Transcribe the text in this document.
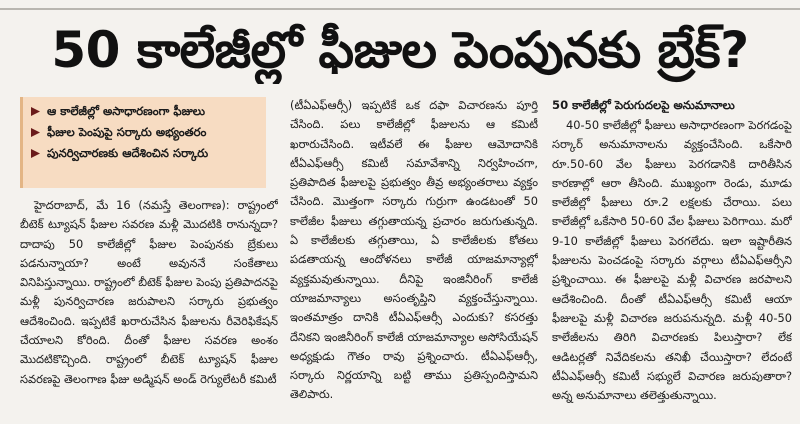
50 కాలేజీల్లో ఫీజుల పెంపునకు బ్రేక్?
ఆ కాలేజీల్లో అసాధారణంగా ఫీజులు
ఫీజుల పెంపుపై సర్కారు అభ్యంతరం
పునర్విచారణకు ఆదేశించిన సర్కారు

హైదరాబాద్, మే 16 (నమస్తే తెలంగాణ): రాష్ట్రంలో బీటెక్ ట్యూషన్ ఫీజుల సవరణ మళ్లీ మొదటికి రానున్నదా? దాదాపు 50 కాలేజీల్లో ఫీజుల పెంపునకు బ్రేకులు పడనున్నాయా? అంటే అవుననే సంకేతాలు వినిపిస్తున్నాయి. రాష్ట్రంలో బీటెక్ ఫీజుల పెంపు ప్రతిపాదనపై మళ్లీ పునర్విచారణ జరుపాలని సర్కారు ప్రభుత్వం ఆదేశించింది. ఇప్పటికే ఖరారుచేసిన ఫీజులను రీవెరిఫికేషన్ చేయాలని కోరింది. దీంతో ఫీజుల సవరణ అంశం మొదటికొచ్చింది. రాష్ట్రంలో బీటెక్ ట్యూషన్ ఫీజుల సవరణపై తెలంగాణ ఫీజు అడ్మిషన్ అండ్ రెగ్యులేటరీ కమిటీ

(టీఏఎఫ్ఆర్సీ) ఇప్పటికే ఒక దఫా విచారణను పూర్తి చేసింది. పలు కాలేజీల్లో ఫీజులను ఆ కమిటీ ఖరారుచేసింది. ఇటీవలే ఈ ఫీజుల ఆమోదానికి టీఏఎఫ్ఆర్సీ కమిటీ సమావేశాన్ని నిర్వహించగా, ప్రతిపాదిత ఫీజులపై ప్రభుత్వం తీవ్ర అభ్యంతరాలు వ్యక్తం చేసింది. మొత్తంగా సర్కారు గుర్రుగా ఉండటంతో 50 కాలేజీల ఫీజులు తగ్గుతాయన్న ప్రచారం జరుగుతున్నది. ఏ కాలేజీలకు తగ్గుతాయి, ఏ కాలేజీలకు కోతలు పడతాయన్న ఆందోళనలు కాలేజీ యాజమాన్యాల్లో వ్యక్తమవుతున్నాయి. దీనిపై ఇంజినీరింగ్ కాలేజీ యాజమాన్యాలు అసంతృప్తిని వ్యక్తంచేస్తున్నాయి. ఇంతమాత్రం దానికి టీఏఎఫ్ఆర్సీ ఎందుకు? కసరత్తు దేనికని ఇంజినీరింగ్ కాలేజీ యాజమాన్యాల అసోసియేషన్ అధ్యక్షుడు గౌతం రావు ప్రశ్నించారు. టీఏఎఫ్ఆర్సీ, సర్కారు నిర్ణయాన్ని బట్టి తాము ప్రతిస్పందిస్తామని తెలిపారు.

50 కాలేజీల్లో పెరుగుదలపై అనుమానాలు

40-50 కాలేజీల్లో ఫీజులు అసాధారణంగా పెరగడంపై సర్కార్ అనుమానాలను వ్యక్తంచేసింది. ఒకేసారి రూ.50-60 వేల ఫీజులు పెరగడానికి దారితీసిన కారణాల్లో ఆరా తీసింది. ముఖ్యంగా రెండు, మూడు కాలేజీల్లో ఫీజులు రూ.2 లక్షలకు చేరాయి. పలు కాలేజీల్లో ఒకేసారి 50-60 వేల ఫీజులు పెరిగాయి. మరో 9-10 కాలేజీల్లో ఫీజులు పెరగలేదు. ఇలా ఇష్టారీతిన ఫీజులను పెంచడంపై సర్కారు వర్గాలు టీఏఎఫ్ఆర్సీని ప్రశ్నించాయి. ఈ ఫీజులపై మళ్లీ విచారణ జరపాలని ఆదేశించింది. దీంతో టీఏఎఫ్ఆర్సీ కమిటీ ఆయా ఫీజులపై మళ్లీ విచారణ జరుపనున్నది. మళ్లీ 40-50 కాలేజీలను తిరిగి విచారణకు పిలుస్తారా? లేక ఆడిటర్లతో నివేదికలను తనిఖీ చేయిస్తారా? లేదంటే టీఏఎఫ్ఆర్సీ కమిటీ సభ్యులే విచారణ జరుపుతారా? అన్న అనుమానాలు తలెత్తుతున్నాయి.
